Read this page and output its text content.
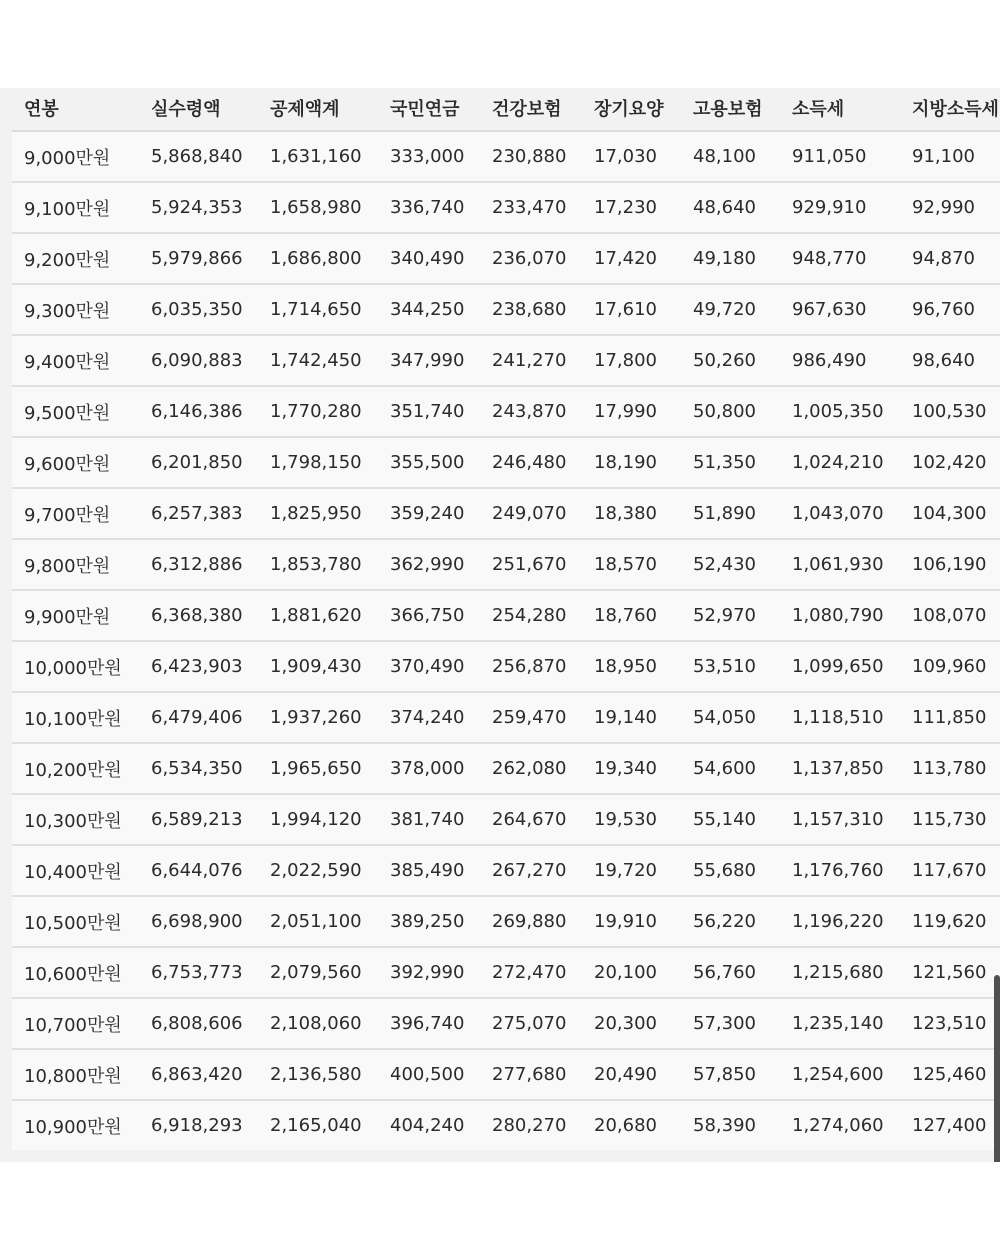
연봉	실수령액	공제액계	국민연금	건강보험	장기요양	고용보험	소득세	지방소득세
9,000만원	5,868,840	1,631,160	333,000	230,880	17,030	48,100	911,050	91,100
9,100만원	5,924,353	1,658,980	336,740	233,470	17,230	48,640	929,910	92,990
9,200만원	5,979,866	1,686,800	340,490	236,070	17,420	49,180	948,770	94,870
9,300만원	6,035,350	1,714,650	344,250	238,680	17,610	49,720	967,630	96,760
9,400만원	6,090,883	1,742,450	347,990	241,270	17,800	50,260	986,490	98,640
9,500만원	6,146,386	1,770,280	351,740	243,870	17,990	50,800	1,005,350	100,530
9,600만원	6,201,850	1,798,150	355,500	246,480	18,190	51,350	1,024,210	102,420
9,700만원	6,257,383	1,825,950	359,240	249,070	18,380	51,890	1,043,070	104,300
9,800만원	6,312,886	1,853,780	362,990	251,670	18,570	52,430	1,061,930	106,190
9,900만원	6,368,380	1,881,620	366,750	254,280	18,760	52,970	1,080,790	108,070
10,000만원	6,423,903	1,909,430	370,490	256,870	18,950	53,510	1,099,650	109,960
10,100만원	6,479,406	1,937,260	374,240	259,470	19,140	54,050	1,118,510	111,850
10,200만원	6,534,350	1,965,650	378,000	262,080	19,340	54,600	1,137,850	113,780
10,300만원	6,589,213	1,994,120	381,740	264,670	19,530	55,140	1,157,310	115,730
10,400만원	6,644,076	2,022,590	385,490	267,270	19,720	55,680	1,176,760	117,670
10,500만원	6,698,900	2,051,100	389,250	269,880	19,910	56,220	1,196,220	119,620
10,600만원	6,753,773	2,079,560	392,990	272,470	20,100	56,760	1,215,680	121,560
10,700만원	6,808,606	2,108,060	396,740	275,070	20,300	57,300	1,235,140	123,510
10,800만원	6,863,420	2,136,580	400,500	277,680	20,490	57,850	1,254,600	125,460
10,900만원	6,918,293	2,165,040	404,240	280,270	20,680	58,390	1,274,060	127,400
